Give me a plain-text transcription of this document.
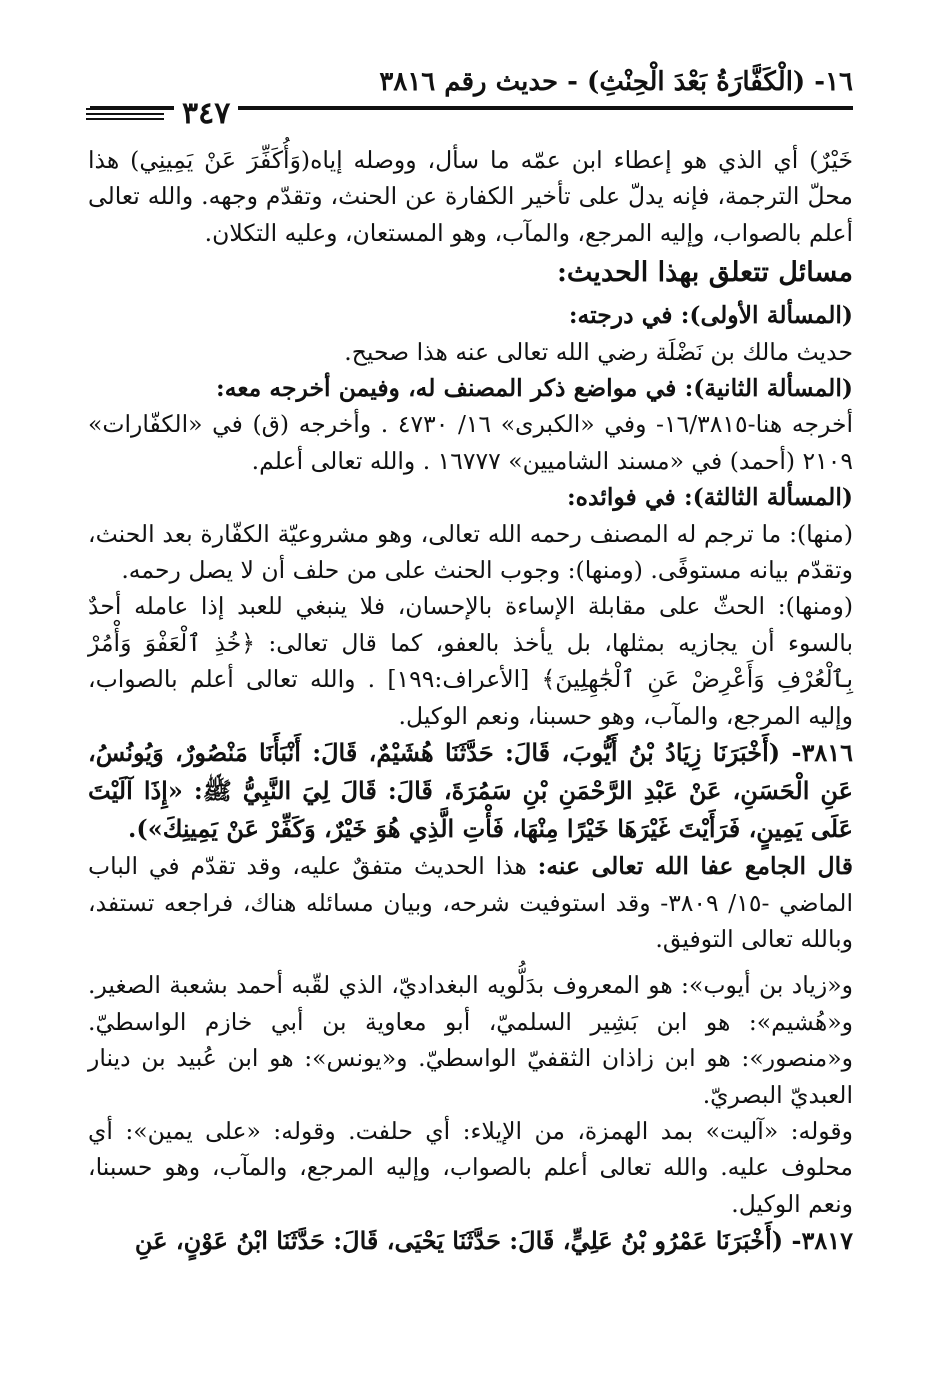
١٦- (الْكَفَّارَةُ بَعْدَ الْحِنْثِ) - حديث رقم ٣٨١٦
٣٤٧

خَيْرٌ) أي الذي هو إعطاء ابن عمّه ما سأل، ووصله إياه(وَأُكَفِّرَ عَنْ يَمِينِي) هذا محلّ الترجمة، فإنه يدلّ على تأخير الكفارة عن الحنث، وتقدّم وجهه. والله تعالى أعلم بالصواب، وإليه المرجع، والمآب، وهو المستعان، وعليه التكلان.

مسائل تتعلق بهذا الحديث:

(المسألة الأولى): في درجته:

حديث مالك بن نَضْلَة رضي الله تعالى عنه هذا صحيح.

(المسألة الثانية): في مواضع ذكر المصنف له، وفيمن أخرجه معه:

أخرجه هنا-١٦/٣٨١٥- وفي «الكبرى» ١٦/ ٤٧٣٠ . وأخرجه (ق) في «الكفّارات» ٢١٠٩ (أحمد) في «مسند الشاميين» ١٦٧٧٧ . والله تعالى أعلم.

(المسألة الثالثة): في فوائده:

(منها): ما ترجم له المصنف رحمه الله تعالى، وهو مشروعيّة الكفّارة بعد الحنث، وتقدّم بيانه مستوفًى. (ومنها): وجوب الحنث على من حلف أن لا يصل رحمه.

(ومنها): الحثّ على مقابلة الإساءة بالإحسان، فلا ينبغي للعبد إذا عامله أحدٌ بالسوء أن يجازيه بمثلها، بل يأخذ بالعفو، كما قال تعالى: ﴿خُذِ ٱلْعَفْوَ وَأْمُرْ بِٱلْعُرْفِ وَأَعْرِضْ عَنِ ٱلْجَٰهِلِينَ﴾ [الأعراف:١٩٩] . والله تعالى أعلم بالصواب، وإليه المرجع، والمآب، وهو حسبنا، ونعم الوكيل.

٣٨١٦- (أَخْبَرَنَا زِيَادُ بْنُ أَيُّوبَ، قَالَ: حَدَّثَنَا هُشَيْمٌ، قَالَ: أَنْبَأَنَا مَنْصُورٌ، وَيُونُسُ، عَنِ الْحَسَنِ، عَنْ عَبْدِ الرَّحْمَنِ بْنِ سَمُرَةَ، قَالَ: قَالَ لِيَ النَّبِيُّ ﷺ: «إِذَا آلَيْتَ عَلَى يَمِينٍ، فَرَأَيْتَ غَيْرَهَا خَيْرًا مِنْهَا، فَأْتِ الَّذِي هُوَ خَيْرٌ، وَكَفِّرْ عَنْ يَمِينِكَ»).

قال الجامع عفا الله تعالى عنه: هذا الحديث متفقٌ عليه، وقد تقدّم في الباب الماضي -١٥/ ٣٨٠٩- وقد استوفيت شرحه، وبيان مسائله هناك، فراجعه تستفد، وبالله تعالى التوفيق.

و«زياد بن أيوب»: هو المعروف بدَلُّويه البغداديّ، الذي لقّبه أحمد بشعبة الصغير. و«هُشيم»: هو ابن بَشِير السلميّ، أبو معاوية بن أبي خازم الواسطيّ. و«منصور»: هو ابن زاذان الثقفيّ الواسطيّ. و«يونس»: هو ابن عُبيد بن دينار العبديّ البصريّ.

وقوله: «آليت» بمد الهمزة، من الإيلاء: أي حلفت. وقوله: «على يمين»: أي محلوف عليه. والله تعالى أعلم بالصواب، وإليه المرجع، والمآب، وهو حسبنا، ونعم الوكيل.

٣٨١٧- (أَخْبَرَنَا عَمْرُو بْنُ عَلِيٍّ، قَالَ: حَدَّثَنَا يَحْيَى، قَالَ: حَدَّثَنَا ابْنُ عَوْنٍ، عَنِ
